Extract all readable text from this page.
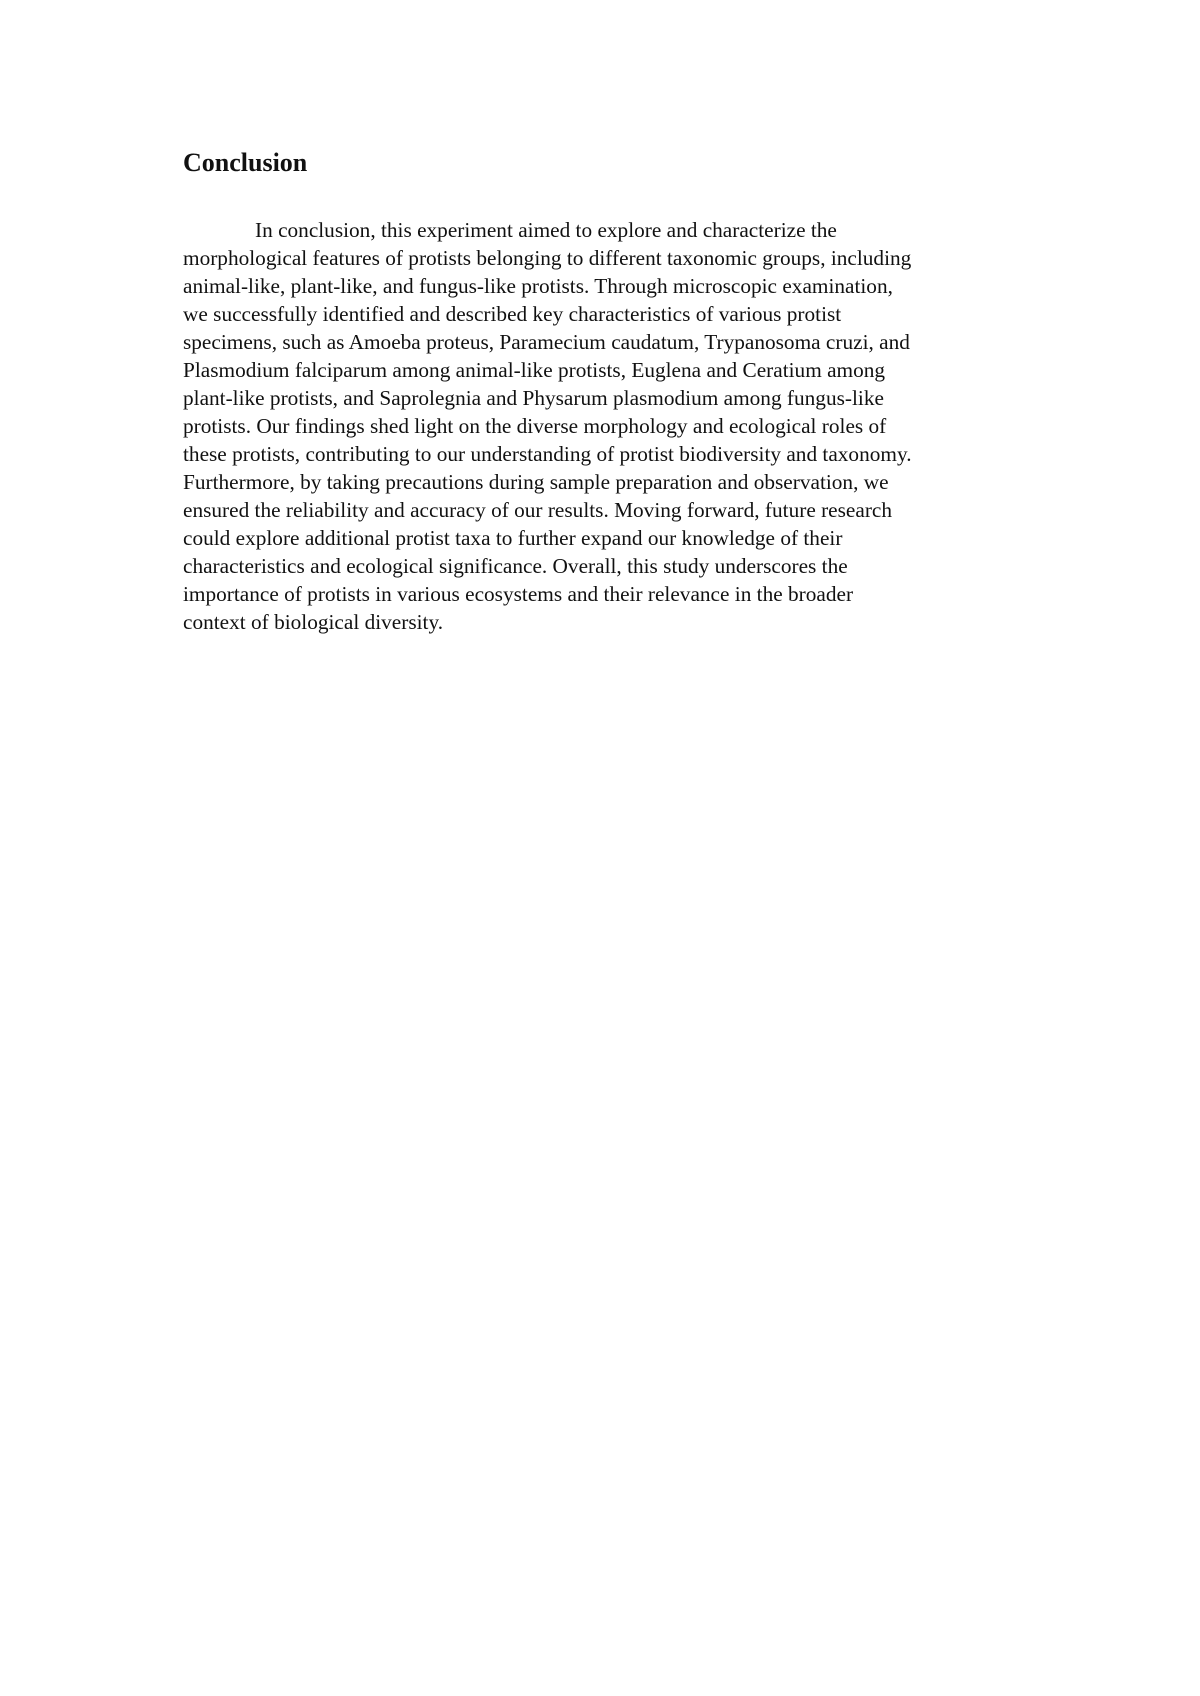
Conclusion
In conclusion, this experiment aimed to explore and characterize the
morphological features of protists belonging to different taxonomic groups, including
animal-like, plant-like, and fungus-like protists. Through microscopic examination,
we successfully identified and described key characteristics of various protist
specimens, such as Amoeba proteus, Paramecium caudatum, Trypanosoma cruzi, and
Plasmodium falciparum among animal-like protists, Euglena and Ceratium among
plant-like protists, and Saprolegnia and Physarum plasmodium among fungus-like
protists. Our findings shed light on the diverse morphology and ecological roles of
these protists, contributing to our understanding of protist biodiversity and taxonomy.
Furthermore, by taking precautions during sample preparation and observation, we
ensured the reliability and accuracy of our results. Moving forward, future research
could explore additional protist taxa to further expand our knowledge of their
characteristics and ecological significance. Overall, this study underscores the
importance of protists in various ecosystems and their relevance in the broader
context of biological diversity.
